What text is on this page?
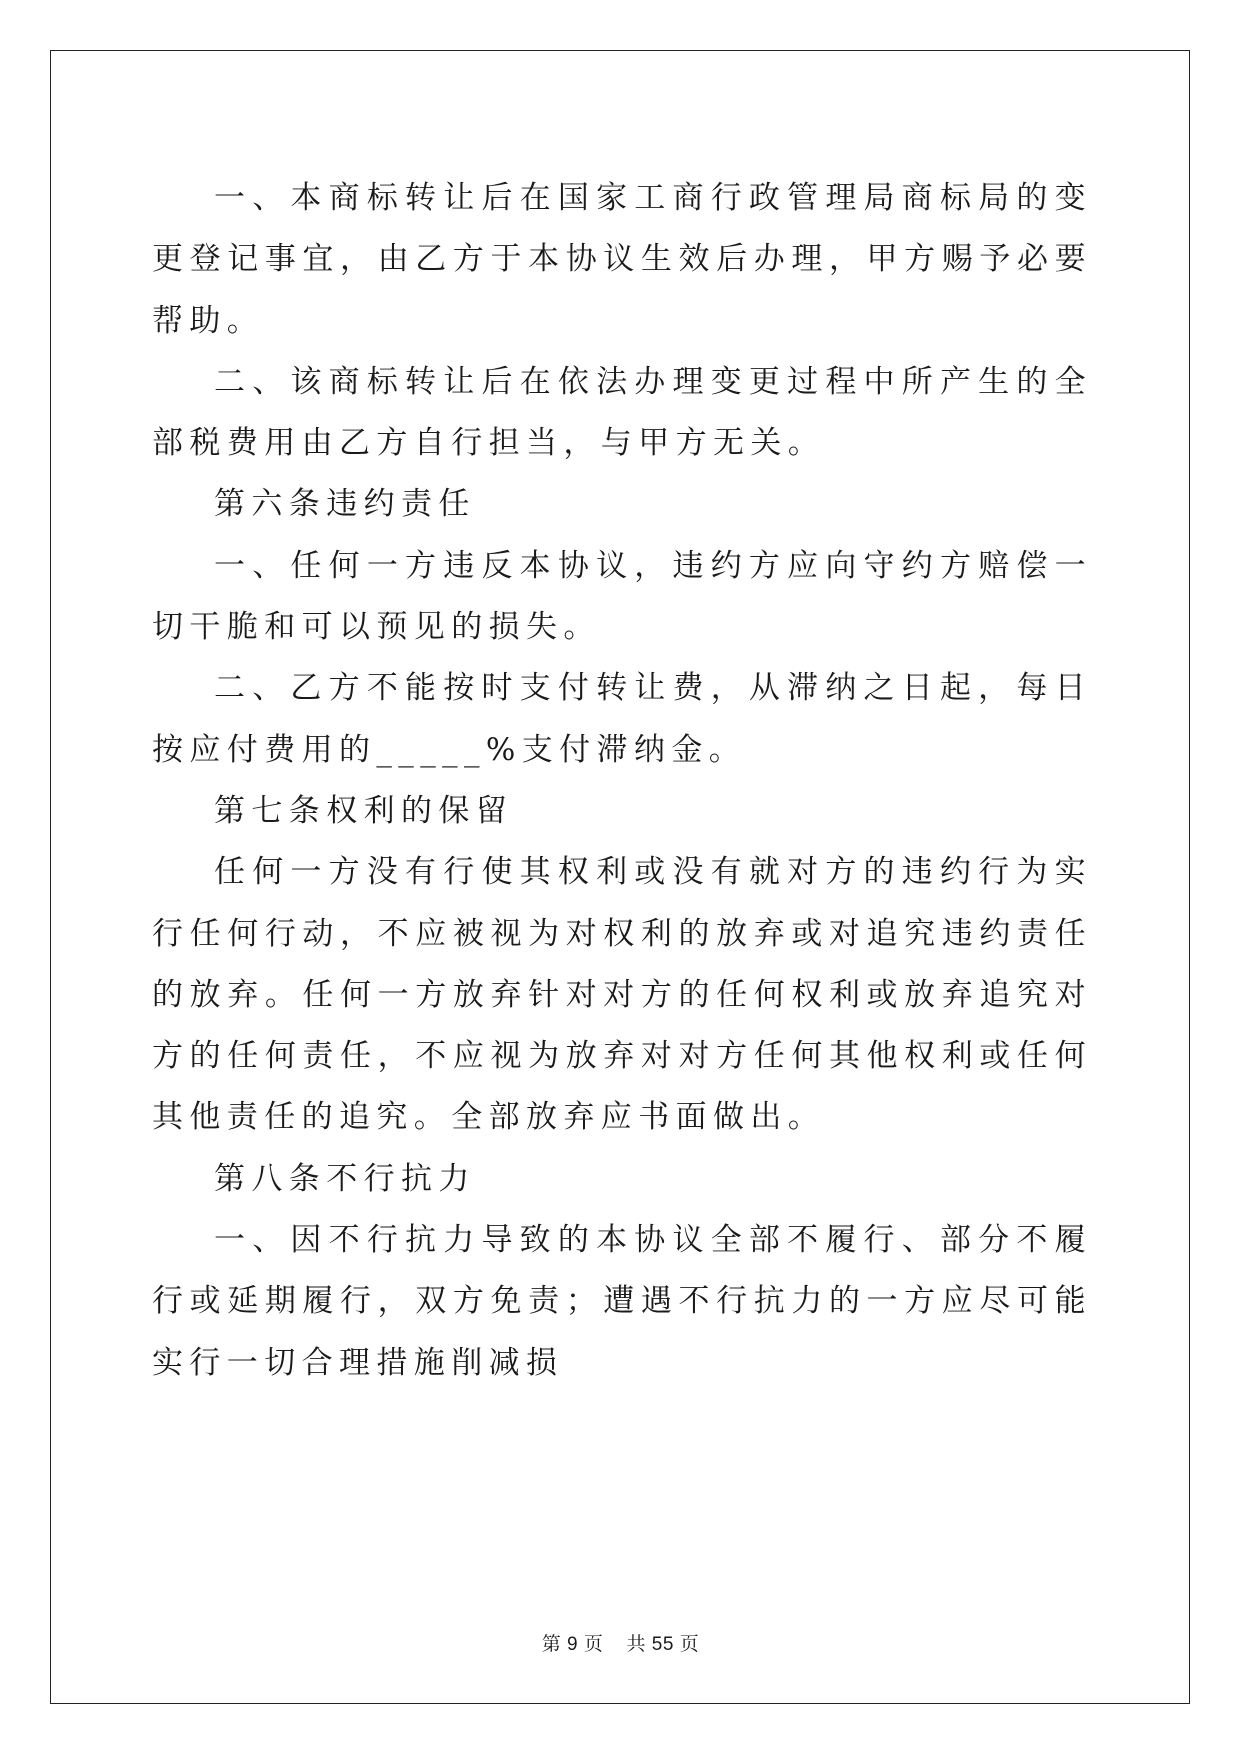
一、本商标转让后在国家工商行政管理局商标局的变更登记事宜，由乙方于本协议生效后办理，甲方赐予必要帮助。

二、该商标转让后在依法办理变更过程中所产生的全部税费用由乙方自行担当，与甲方无关。

第六条违约责任

一、任何一方违反本协议，违约方应向守约方赔偿一切干脆和可以预见的损失。

二、乙方不能按时支付转让费，从滞纳之日起，每日按应付费用的_____%支付滞纳金。

第七条权利的保留

任何一方没有行使其权利或没有就对方的违约行为实行任何行动，不应被视为对权利的放弃或对追究违约责任的放弃。任何一方放弃针对对方的任何权利或放弃追究对方的任何责任，不应视为放弃对对方任何其他权利或任何其他责任的追究。全部放弃应书面做出。

第八条不行抗力

一、因不行抗力导致的本协议全部不履行、部分不履行或延期履行，双方免责；遭遇不行抗力的一方应尽可能实行一切合理措施削减损

第 9 页 共 55 页
